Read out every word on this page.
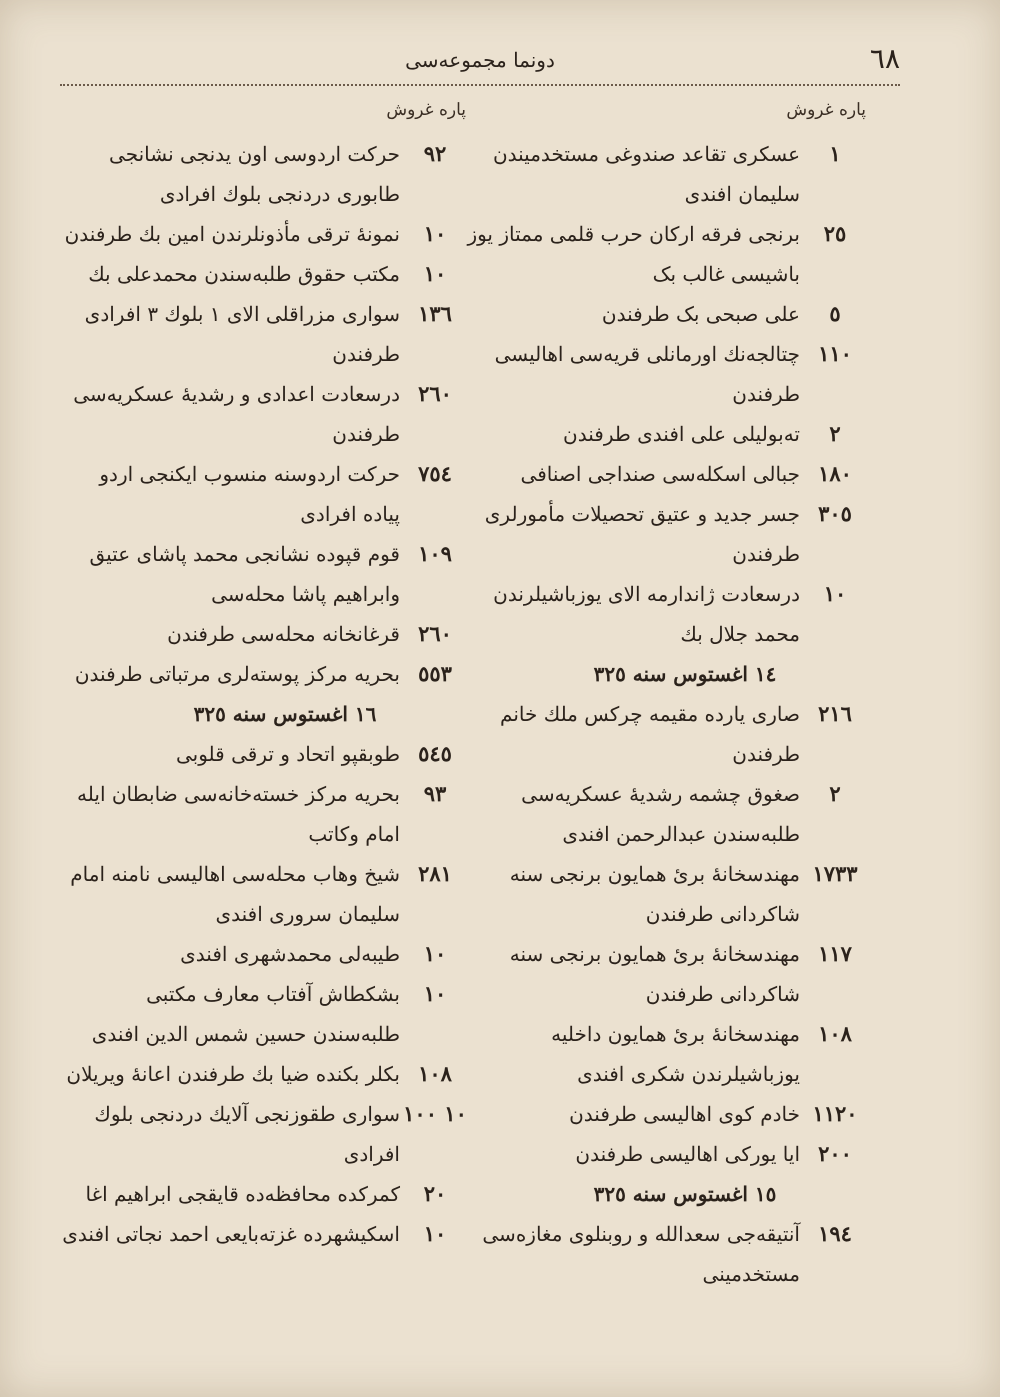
٦٨
دونما مجموعه‌سی
پاره غروش
١
عسکری تقاعد صندوغی مستخدمیندن سلیمان افندی
٢٥
برنجی فرقه ارکان حرب قلمی ممتاز یوز باشیسی غالب بک
٥
علی صبحی بک طرفندن
١١٠
چتالجه‌نك اورمانلی قریه‌سی اهالیسی طرفندن
٢
ته‌بولیلی علی افندی طرفندن
١٨٠
جبالی اسکله‌سی صنداجی اصنافی
٣٠٥
جسر جدید و عتیق تحصیلات مأمورلری طرفندن
١٠
درسعادت ژاندارمه الای یوزباشیلرندن محمد جلال بك
١٤ اغستوس سنه ٣٢٥
٢١٦
صاری یارده مقیمه چرکس ملك خانم طرفندن
٢
صغوق چشمه رشدیهٔ عسکریه‌سی طلبه‌سندن عبدالرحمن افندی
١٧٣٣
مهندسخانهٔ بریٔ همایون برنجی سنه شاکردانی طرفندن
١١٧
مهندسخانهٔ بریٔ همایون برنجی سنه شاکردانی طرفندن
١٠٨
مهندسخانهٔ بریٔ همایون داخلیه یوزباشیلرندن شکری افندی
١١٢٠
خادم کوی اهالیسی طرفندن
٢٠٠
ایا یورکی اهالیسی طرفندن
١٥ اغستوس سنه ٣٢٥
١٩٤
آنتیقه‌جی سعدالله و روبنلوی مغازه‌سی مستخدمینی
پاره غروش
٩٢
حرکت اردوسی اون یدنجی نشانجی طابوری دردنجی بلوك افرادی
١٠
نمونهٔ ترقی مأذونلرندن امین بك طرفندن
١٠
مکتب حقوق طلبه‌سندن محمدعلی بك
١٣٦
سواری مزراقلی الای ١ بلوك ٣ افرادی طرفندن
٢٦٠
درسعادت اعدادی و رشدیهٔ عسکریه‌سی طرفندن
٧٥٤
حرکت اردوسنه منسوب ایکنجی اردو پیاده افرادی
١٠٩
قوم قپوده نشانجی محمد پاشای عتیق وابراهیم پاشا محله‌سی
٢٦٠
قرغانخانه محله‌سی طرفندن
٥٥٣
بحریه مرکز پوسته‌لری مرتباتی طرفندن
١٦ اغستوس سنه ٣٢٥
٥٤٥
طوبقپو اتحاد و ترقی قلوبی
٩٣
بحریه مرکز خسته‌خانه‌سی ضابطان ایله امام وکاتب
٢٨١
شیخ وهاب محله‌سی اهالیسی نامنه امام سلیمان سروری افندی
١٠
طیبه‌لی محمدشهری افندی
١٠
بشکطاش آفتاب معارف مکتبی طلبه‌سندن حسین شمس الدین افندی
١٠٨
بکلر بکنده ضیا بك طرفندن اعانهٔ ویریلان
١٠ ١٠٠
سواری طقوزنجی آلایك دردنجی بلوك افرادی
٢٠
کمرکده محافظه‌ده قایقجی ابراهیم اغا
١٠
اسکیشهرده غزته‌بایعی احمد نجاتی افندی
